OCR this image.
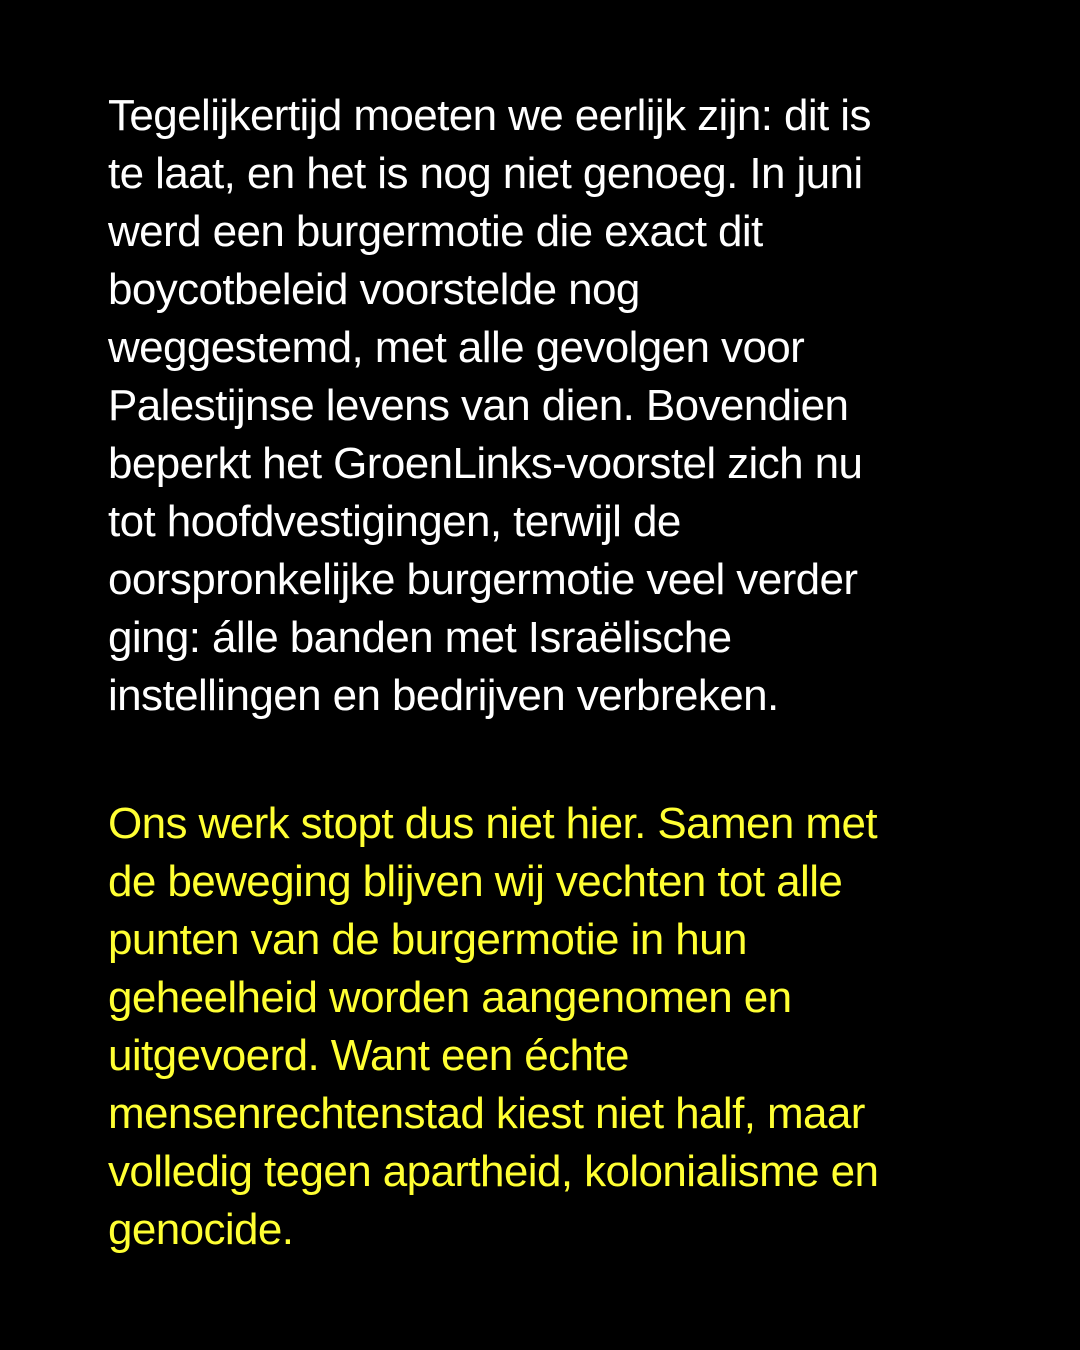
Tegelijkertijd moeten we eerlijk zijn: dit is
te laat, en het is nog niet genoeg. In juni
werd een burgermotie die exact dit
boycotbeleid voorstelde nog
weggestemd, met alle gevolgen voor
Palestijnse levens van dien. Bovendien
beperkt het GroenLinks-voorstel zich nu
tot hoofdvestigingen, terwijl de
oorspronkelijke burgermotie veel verder
ging: álle banden met Israëlische
instellingen en bedrijven verbreken.

Ons werk stopt dus niet hier. Samen met
de beweging blijven wij vechten tot alle
punten van de burgermotie in hun
geheelheid worden aangenomen en
uitgevoerd. Want een échte
mensenrechtenstad kiest niet half, maar
volledig tegen apartheid, kolonialisme en
genocide.
